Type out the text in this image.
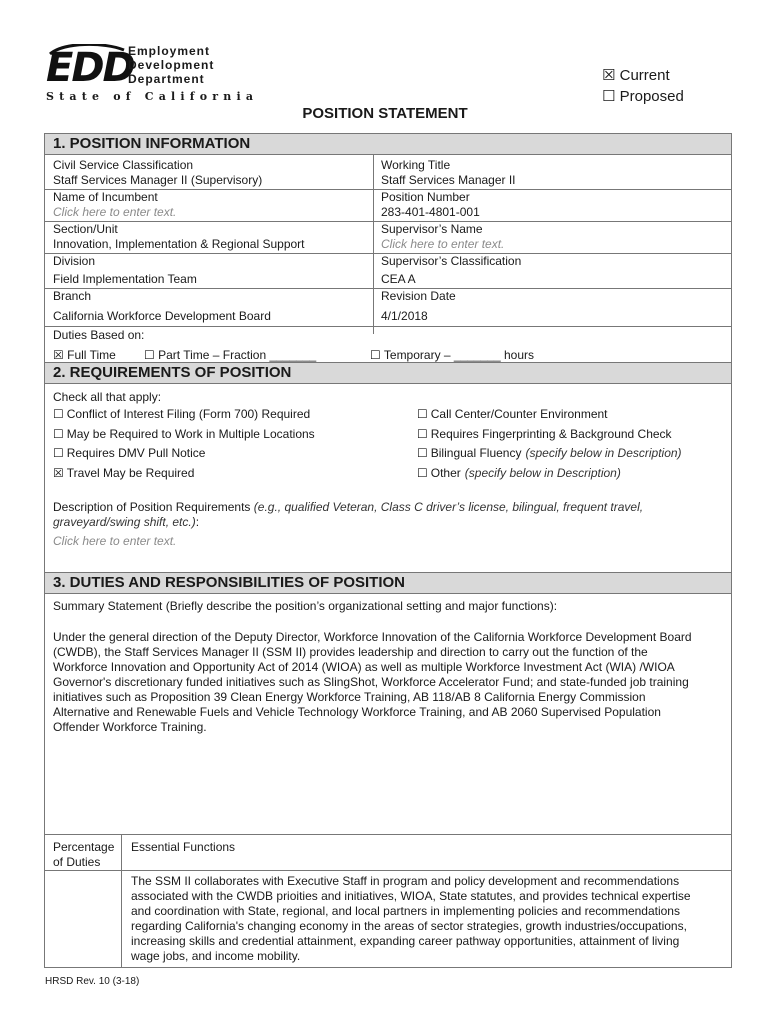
EDD
Employment
Development
Department
State of California
☒ Current
☐ Proposed
POSITION STATEMENT
1. POSITION INFORMATION
Civil Service Classification
Staff Services Manager II (Supervisory)
Working Title
Staff Services Manager II
Name of Incumbent
Click here to enter text.
Position Number
283-401-4801-001
Section/Unit
Innovation, Implementation & Regional Support
Supervisor’s Name
Click here to enter text.
Division
Field Implementation Team
Supervisor’s Classification
CEA A
Branch
California Workforce Development Board
Revision Date
4/1/2018
Duties Based on:
☒ Full Time ☐ Part Time – Fraction _______	☐ Temporary – _______ hours
2. REQUIREMENTS OF POSITION
Check all that apply:
☐ Conflict of Interest Filing (Form 700) Required
☐ May be Required to Work in Multiple Locations
☐ Requires DMV Pull Notice
☒ Travel May be Required
☐ Call Center/Counter Environment
☐ Requires Fingerprinting & Background Check
☐ Bilingual Fluency (specify below in Description)
☐ Other (specify below in Description)
Description of Position Requirements (e.g., qualified Veteran, Class C driver’s license, bilingual, frequent travel,
graveyard/swing shift, etc.):
Click here to enter text.
3. DUTIES AND RESPONSIBILITIES OF POSITION
Summary Statement (Briefly describe the position’s organizational setting and major functions):
Under the general direction of the Deputy Director, Workforce Innovation of the California Workforce Development Board
(CWDB), the Staff Services Manager II (SSM II) provides leadership and direction to carry out the function of the
Workforce Innovation and Opportunity Act of 2014 (WIOA) as well as multiple Workforce Investment Act (WIA) /WIOA
Governor's discretionary funded initiatives such as SlingShot, Workforce Accelerator Fund; and state-funded job training
initiatives such as Proposition 39 Clean Energy Workforce Training, AB 118/AB 8 California Energy Commission
Alternative and Renewable Fuels and Vehicle Technology Workforce Training, and AB 2060 Supervised Population
Offender Workforce Training.
Percentage
of Duties
Essential Functions
The SSM II collaborates with Executive Staff in program and policy development and recommendations
associated with the CWDB prioities and initiatives, WIOA, State statutes, and provides technical expertise
and coordination with State, regional, and local partners in implementing policies and recommendations
regarding California's changing economy in the areas of sector strategies, growth industries/occupations,
increasing skills and credential attainment, expanding career pathway opportunities, attainment of living
wage jobs, and income mobility.
HRSD Rev. 10 (3-18)
